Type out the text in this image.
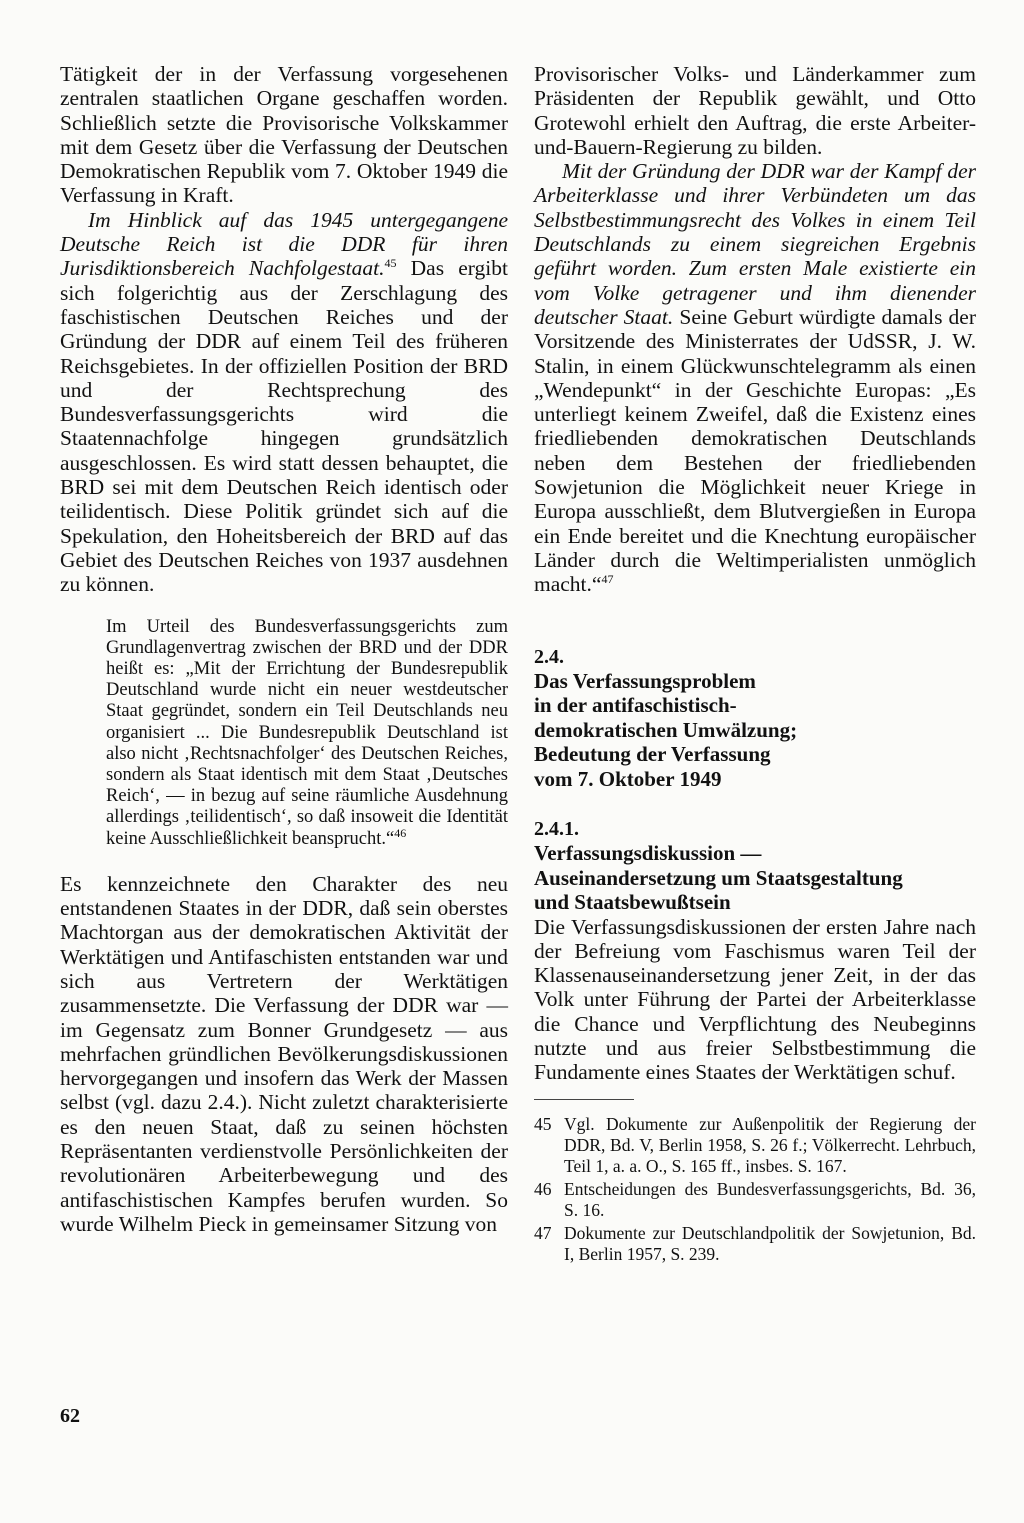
Tätigkeit der in der Verfassung vorgesehenen zentralen staatlichen Organe geschaffen worden. Schließlich setzte die Provisorische Volkskammer mit dem Gesetz über die Verfassung der Deutschen Demokratischen Republik vom 7. Oktober 1949 die Verfassung in Kraft.

Im Hinblick auf das 1945 untergegangene Deutsche Reich ist die DDR für ihren Jurisdiktionsbereich Nachfolgestaat.$^{45}$ Das ergibt sich folgerichtig aus der Zerschlagung des faschistischen Deutschen Reiches und der Gründung der DDR auf einem Teil des früheren Reichsgebietes. In der offiziellen Position der BRD und der Rechtsprechung des Bundesverfassungsgerichts wird die Staatennachfolge hingegen grundsätzlich ausgeschlossen. Es wird statt dessen behauptet, die BRD sei mit dem Deutschen Reich identisch oder teilidentisch. Diese Politik gründet sich auf die Spekulation, den Hoheitsbereich der BRD auf das Gebiet des Deutschen Reiches von 1937 ausdehnen zu können.

Im Urteil des Bundesverfassungsgerichts zum Grundlagenvertrag zwischen der BRD und der DDR heißt es: „Mit der Errichtung der Bundesrepublik Deutschland wurde nicht ein neuer westdeutscher Staat gegründet, sondern ein Teil Deutschlands neu organisiert ... Die Bundesrepublik Deutschland ist also nicht ‚Rechtsnachfolger‘ des Deutschen Reiches, sondern als Staat identisch mit dem Staat ‚Deutsches Reich‘, — in bezug auf seine räumliche Ausdehnung allerdings ‚teilidentisch‘, so daß insoweit die Identität keine Ausschließlichkeit beansprucht.“$^{46}$

Es kennzeichnete den Charakter des neu entstandenen Staates in der DDR, daß sein oberstes Machtorgan aus der demokratischen Aktivität der Werktätigen und Antifaschisten entstanden war und sich aus Vertretern der Werktätigen zusammensetzte. Die Verfassung der DDR war — im Gegensatz zum Bonner Grundgesetz — aus mehrfachen gründlichen Bevölkerungsdiskussionen hervorgegangen und insofern das Werk der Massen selbst (vgl. dazu 2.4.). Nicht zuletzt charakterisierte es den neuen Staat, daß zu seinen höchsten Repräsentanten verdienstvolle Persönlichkeiten der revolutionären Arbeiterbewegung und des antifaschistischen Kampfes berufen wurden. So wurde Wilhelm Pieck in gemeinsamer Sitzung von

Provisorischer Volks- und Länderkammer zum Präsidenten der Republik gewählt, und Otto Grotewohl erhielt den Auftrag, die erste Arbeiter-und-Bauern-Regierung zu bilden.

Mit der Gründung der DDR war der Kampf der Arbeiterklasse und ihrer Verbündeten um das Selbstbestimmungsrecht des Volkes in einem Teil Deutschlands zu einem siegreichen Ergebnis geführt worden. Zum ersten Male existierte ein vom Volke getragener und ihm dienender deutscher Staat. Seine Geburt würdigte damals der Vorsitzende des Ministerrates der UdSSR, J. W. Stalin, in einem Glückwunschtelegramm als einen „Wendepunkt“ in der Geschichte Europas: „Es unterliegt keinem Zweifel, daß die Existenz eines friedliebenden demokratischen Deutschlands neben dem Bestehen der friedliebenden Sowjetunion die Möglichkeit neuer Kriege in Europa ausschließt, dem Blutvergießen in Europa ein Ende bereitet und die Knechtung europäischer Länder durch die Weltimperialisten unmöglich macht.“$^{47}$

2.4.
Das Verfassungsproblem
in der antifaschistisch-
demokratischen Umwälzung;
Bedeutung der Verfassung
vom 7. Oktober 1949
2.4.1.
Verfassungsdiskussion —
Auseinandersetzung um Staatsgestaltung
und Staatsbewußtsein

Die Verfassungsdiskussionen der ersten Jahre nach der Befreiung vom Faschismus waren Teil der Klassenauseinandersetzung jener Zeit, in der das Volk unter Führung der Partei der Arbeiterklasse die Chance und Verpflichtung des Neubeginns nutzte und aus freier Selbstbestimmung die Fundamente eines Staates der Werktätigen schuf.

45 Vgl. Dokumente zur Außenpolitik der Regierung der DDR, Bd. V, Berlin 1958, S. 26 f.; Völkerrecht. Lehrbuch, Teil 1, a. a. O., S. 165 ff., insbes. S. 167.
46 Entscheidungen des Bundesverfassungsgerichts, Bd. 36, S. 16.
47 Dokumente zur Deutschlandpolitik der Sowjetunion, Bd. I, Berlin 1957, S. 239.
62
